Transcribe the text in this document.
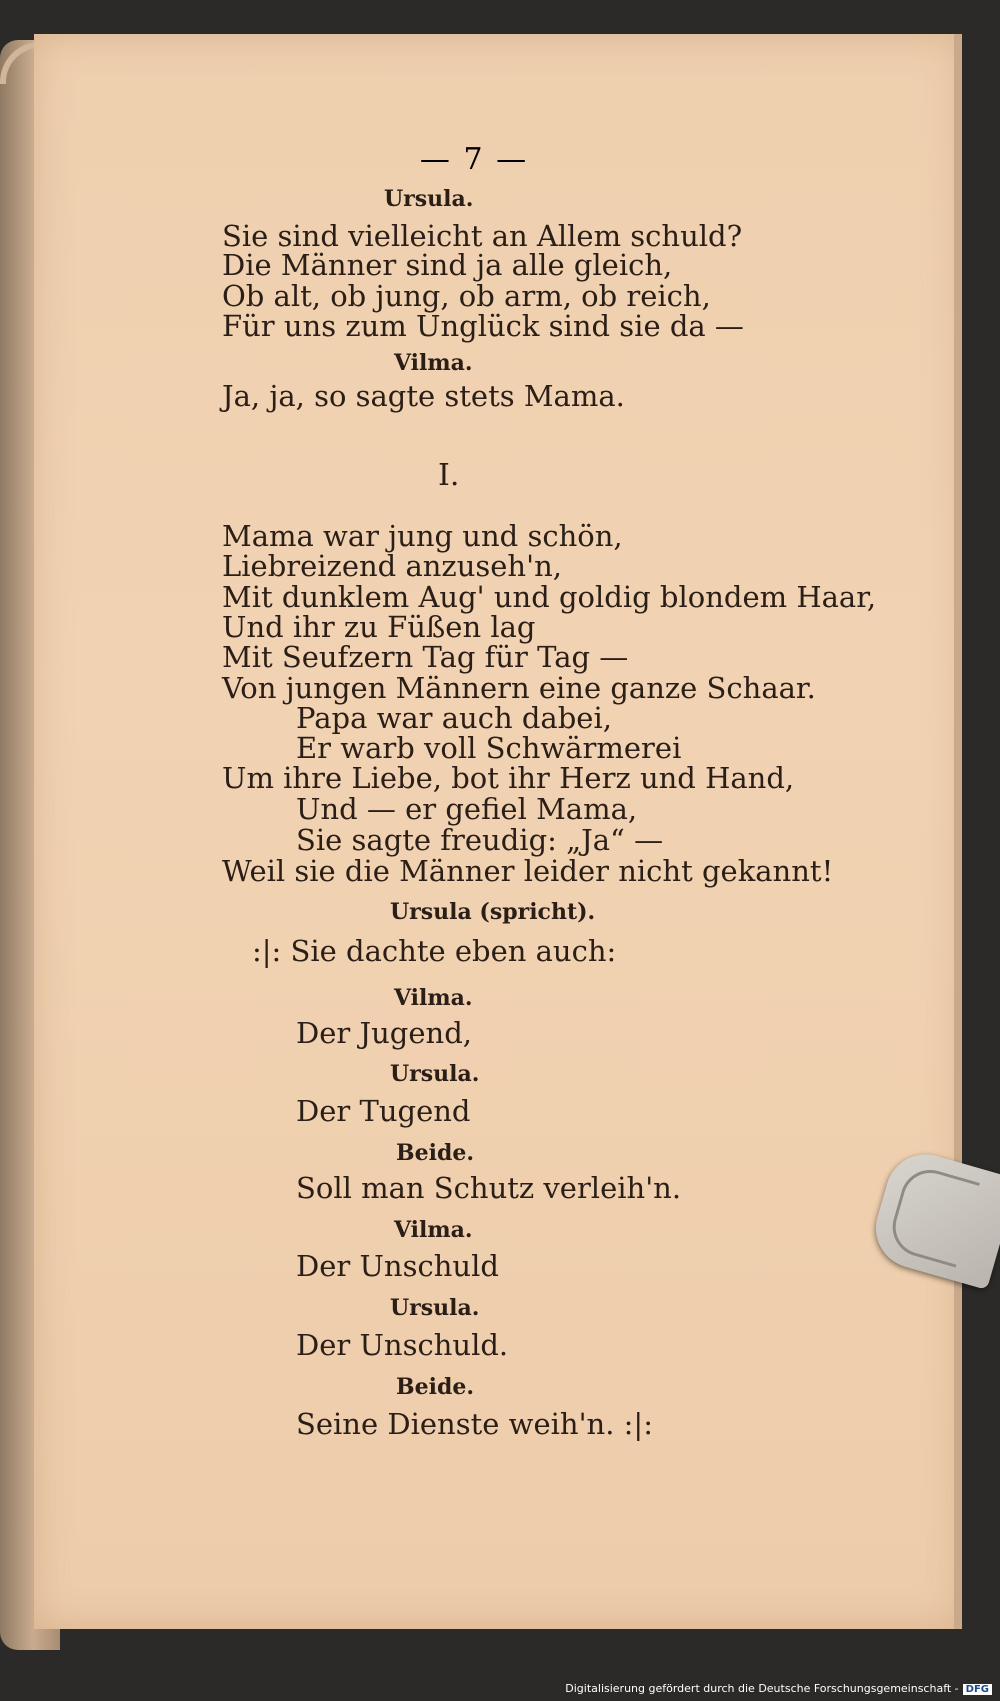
— 7 —
Ursula.
Sie sind vielleicht an Allem schuld?
Die Männer sind ja alle gleich,
Ob alt, ob jung, ob arm, ob reich,
Für uns zum Unglück sind sie da —
Vilma.
Ja, ja, so sagte stets Mama.
I.
Mama war jung und schön,
Liebreizend anzuseh'n,
Mit dunklem Aug' und goldig blondem Haar,
Und ihr zu Füßen lag
Mit Seufzern Tag für Tag —
Von jungen Männern eine ganze Schaar.
Papa war auch dabei,
Er warb voll Schwärmerei
Um ihre Liebe, bot ihr Herz und Hand,
Und — er gefiel Mama,
Sie sagte freudig: „Ja“ —
Weil sie die Männer leider nicht gekannt!
Ursula (spricht).
:|: Sie dachte eben auch:
Vilma.
Der Jugend,
Ursula.
Der Tugend
Beide.
Soll man Schutz verleih'n.
Vilma.
Der Unschuld
Ursula.
Der Unschuld.
Beide.
Seine Dienste weih'n. :|:
Digitalisierung gefördert durch die Deutsche Forschungsgemeinschaft - DFG
